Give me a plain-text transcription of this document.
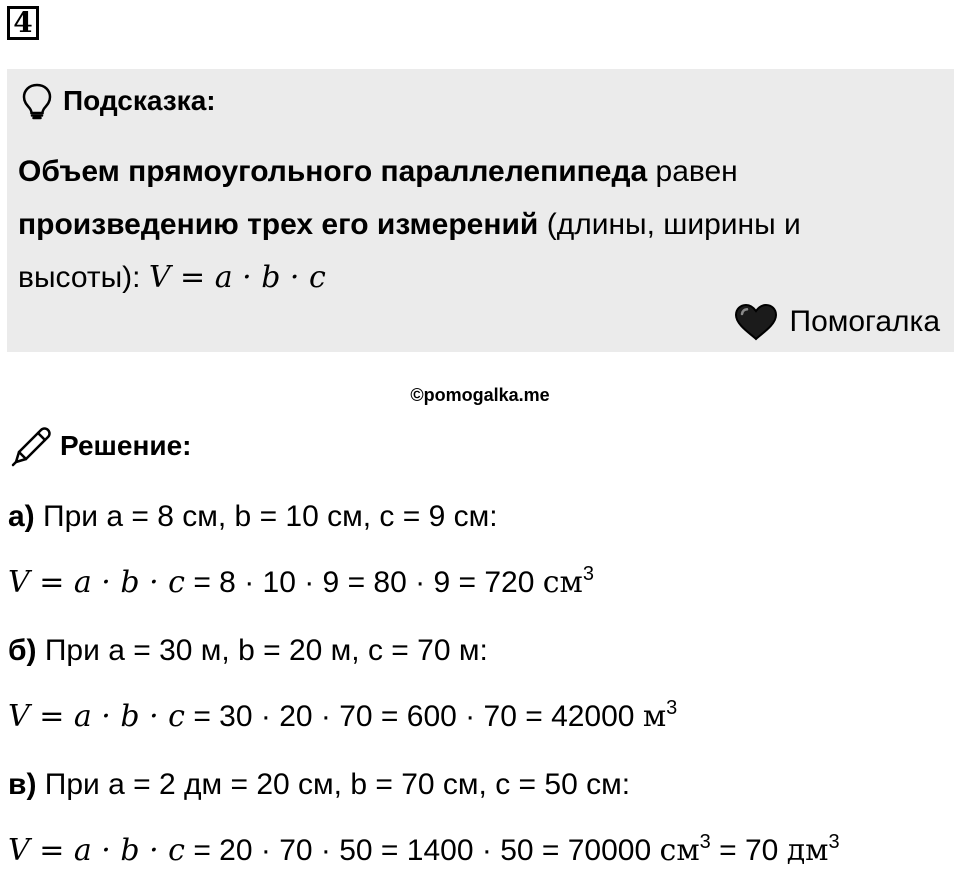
4
Подсказка:
Объем прямоугольного параллелепипеда равен
произведению трех его измерений (длины, ширины и
высоты): V = a · b · c
Помогалка
©pomogalka.me
Решение:
а) При a = 8 см, b = 10 см, c = 9 см:
V = a · b · c = 8 · 10 · 9 = 80 · 9 = 720 $см^3$
б) При a = 30 м, b = 20 м, c = 70 м:
V = a · b · c = 30 · 20 · 70 = 600 · 70 = 42000 $м^3$
в) При a = 2 дм = 20 см, b = 70 см, c = 50 см:
V = a · b · c = 20 · 70 · 50 = 1400 · 50 = 70000 $см^3 = 70$ $дм^3$
